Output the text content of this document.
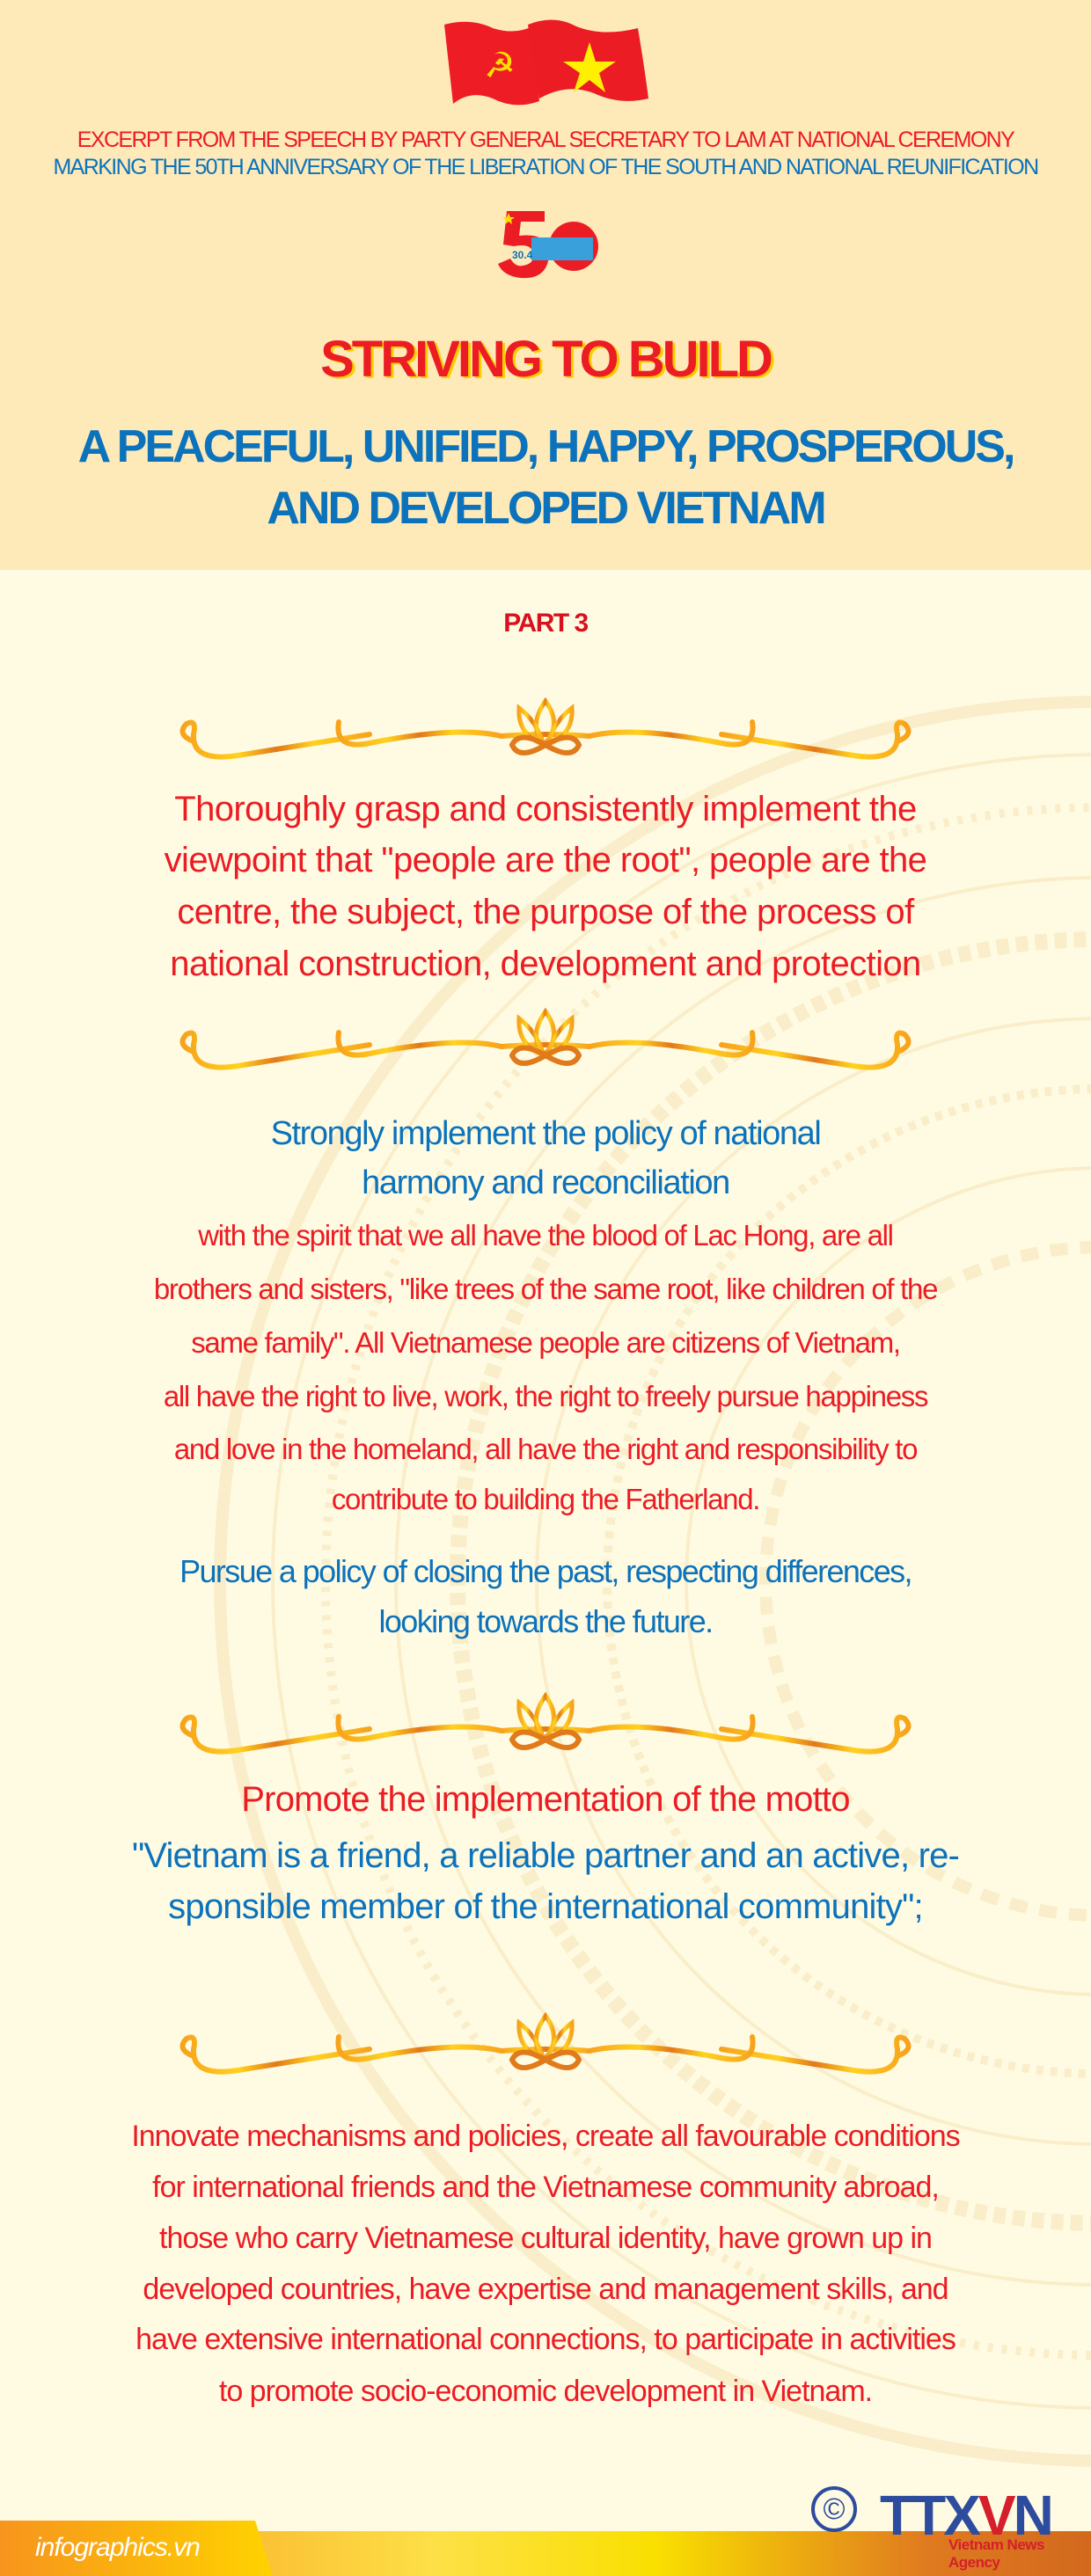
☭
EXCERPT FROM THE SPEECH BY PARTY GENERAL SECRETARY TO LAM AT NATIONAL CEREMONY
MARKING THE 50TH ANNIVERSARY OF THE LIBERATION OF THE SOUTH AND NATIONAL REUNIFICATION
30.4
STRIVING TO BUILD
A PEACEFUL, UNIFIED, HAPPY, PROSPEROUS,
AND DEVELOPED VIETNAM
PART 3
Thoroughly grasp and consistently implement the
viewpoint that "people are the root", people are the
centre, the subject, the purpose of the process of
national construction, development and protection
Strongly implement the policy of national
harmony and reconciliation
with the spirit that we all have the blood of Lac Hong, are all
brothers and sisters, "like trees of the same root, like children of the
same family". All Vietnamese people are citizens of Vietnam,
all have the right to live, work, the right to freely pursue happiness
and love in the homeland, all have the right and responsibility to
contribute to building the Fatherland.
Pursue a policy of closing the past, respecting differences,
looking towards the future.
Promote the implementation of the motto
"Vietnam is a friend, a reliable partner and an active, re-
sponsible member of the international community";
Innovate mechanisms and policies, create all favourable conditions
for international friends and the Vietnamese community abroad,
those who carry Vietnamese cultural identity, have grown up in
developed countries, have expertise and management skills, and
have extensive international connections, to participate in activities
to promote socio-economic development in Vietnam.
infographics.vn
© TTXVN
Vietnam News Agency
